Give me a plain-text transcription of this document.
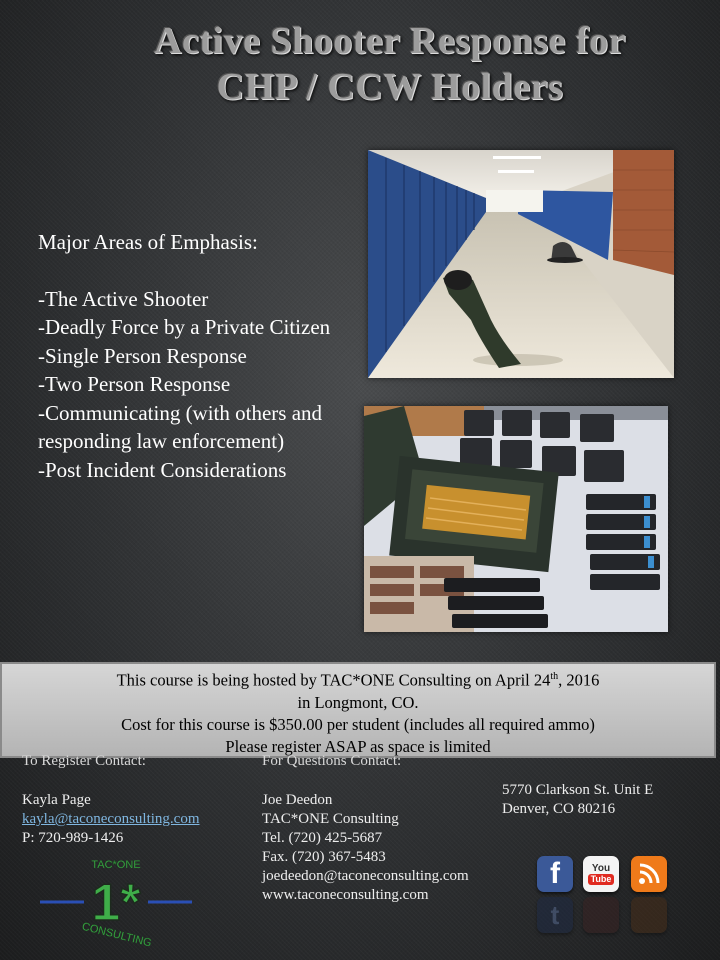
Active Shooter Response for
CHP / CCW Holders
Major Areas of Emphasis:
-The Active Shooter
-Deadly Force by a Private Citizen
-Single Person Response
-Two Person Response
-Communicating (with others and responding law enforcement)
-Post Incident Considerations
This course is being hosted by TAC*ONE Consulting on April 24th, 2016
in Longmont, CO.
Cost for this course is $350.00 per student (includes all required ammo)
Please register ASAP as space is limited
To Register Contact:	For Questions Contact:
Kayla Page
kayla@taconeconsulting.com
P: 720-989-1426
Joe Deedon
TAC*ONE Consulting
Tel. (720) 425-5687
Fax. (720) 367-5483
joedeedon@taconeconsulting.com
www.taconeconsulting.com
5770 Clarkson St. Unit E
Denver, CO 80216
TAC*ONE
1*
CONSULTING
f	You
Tube
t
